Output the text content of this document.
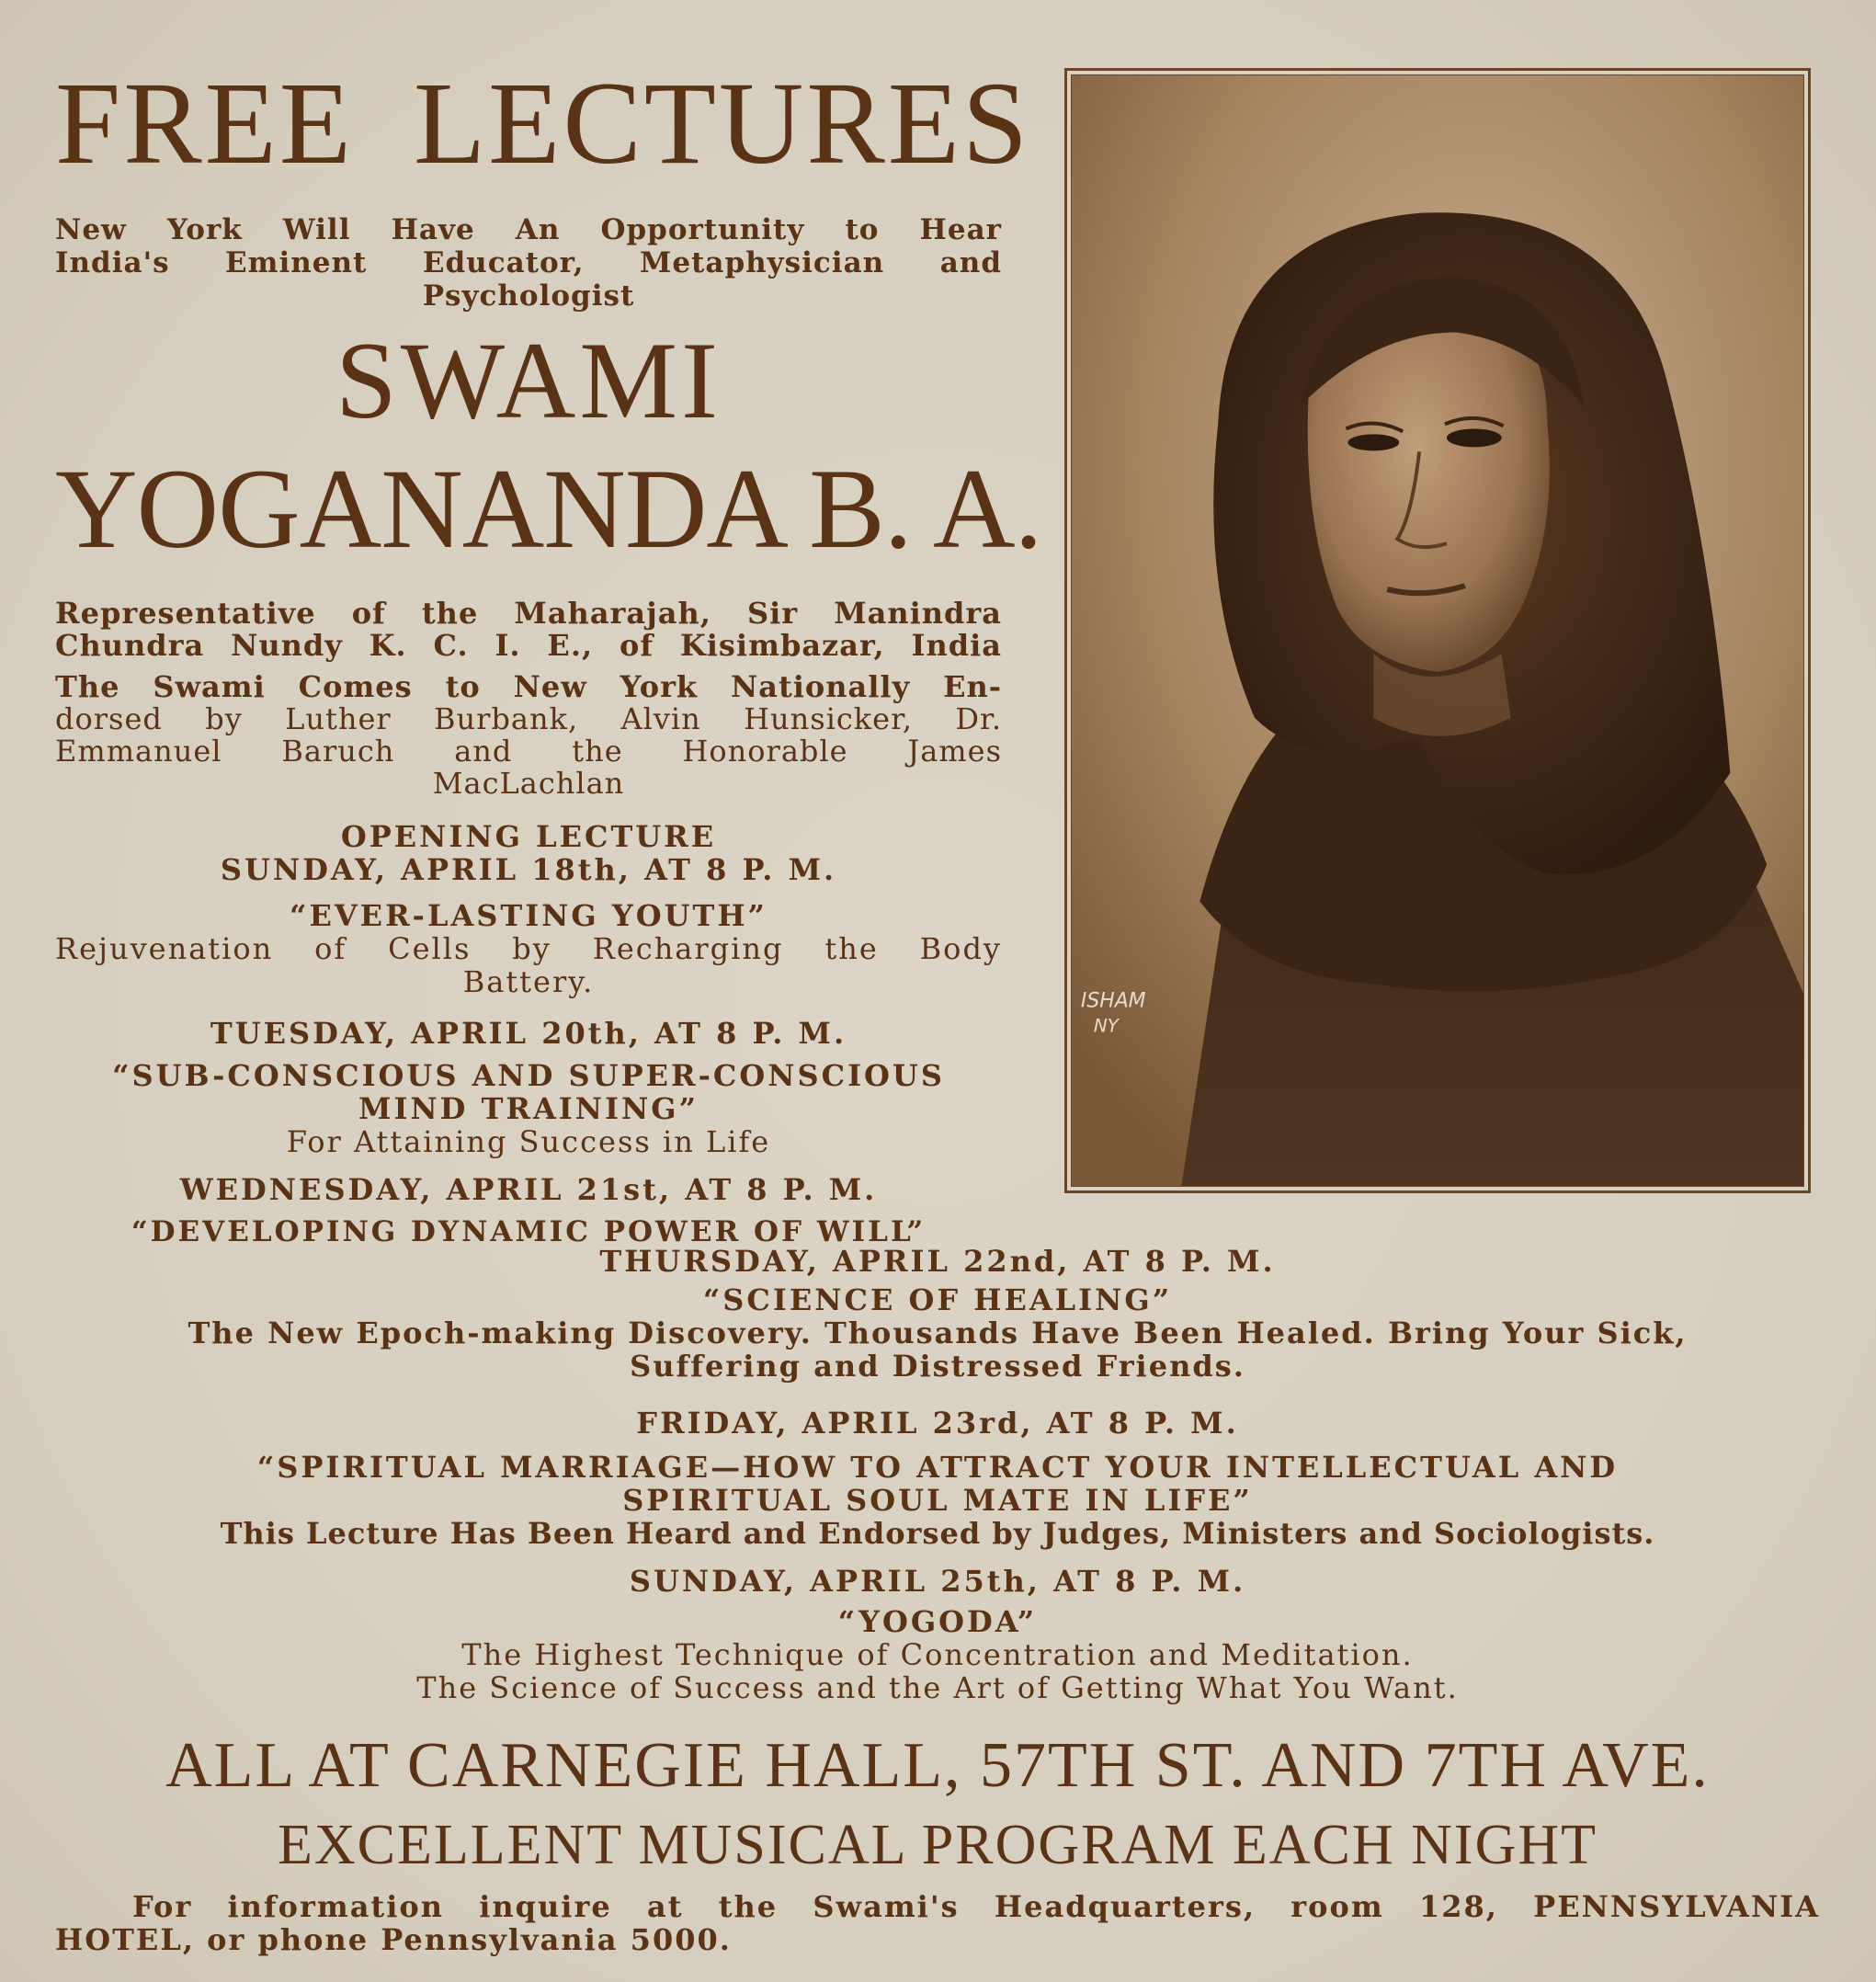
FREE LECTURES
New York Will Have An Opportunity to Hear
India's Eminent Educator, Metaphysician and
Psychologist
SWAMI
YOGANANDA B. A.
Representative of the Maharajah, Sir Manindra
Chundra Nundy K. C. I. E., of Kisimbazar, India
The Swami Comes to New York Nationally En-
dorsed by Luther Burbank, Alvin Hunsicker, Dr.
Emmanuel Baruch and the Honorable James
MacLachlan
OPENING LECTURE
SUNDAY, APRIL 18th, AT 8 P. M.
“EVER-LASTING YOUTH”
Rejuvenation of Cells by Recharging the Body
Battery.
TUESDAY, APRIL 20th, AT 8 P. M.
“SUB-CONSCIOUS AND SUPER-CONSCIOUS
MIND TRAINING”
For Attaining Success in Life
WEDNESDAY, APRIL 21st, AT 8 P. M.
“DEVELOPING DYNAMIC POWER OF WILL”
ISHAM
NY
THURSDAY, APRIL 22nd, AT 8 P. M.
“SCIENCE OF HEALING”
The New Epoch-making Discovery. Thousands Have Been Healed. Bring Your Sick,
Suffering and Distressed Friends.
FRIDAY, APRIL 23rd, AT 8 P. M.
“SPIRITUAL MARRIAGE—HOW TO ATTRACT YOUR INTELLECTUAL AND
SPIRITUAL SOUL MATE IN LIFE”
This Lecture Has Been Heard and Endorsed by Judges, Ministers and Sociologists.
SUNDAY, APRIL 25th, AT 8 P. M.
“YOGODA”
The Highest Technique of Concentration and Meditation.
The Science of Success and the Art of Getting What You Want.
ALL AT CARNEGIE HALL, 57TH ST. AND 7TH AVE.
EXCELLENT MUSICAL PROGRAM EACH NIGHT
For information inquire at the Swami's Headquarters, room 128, PENNSYLVANIA
HOTEL, or phone Pennsylvania 5000.
